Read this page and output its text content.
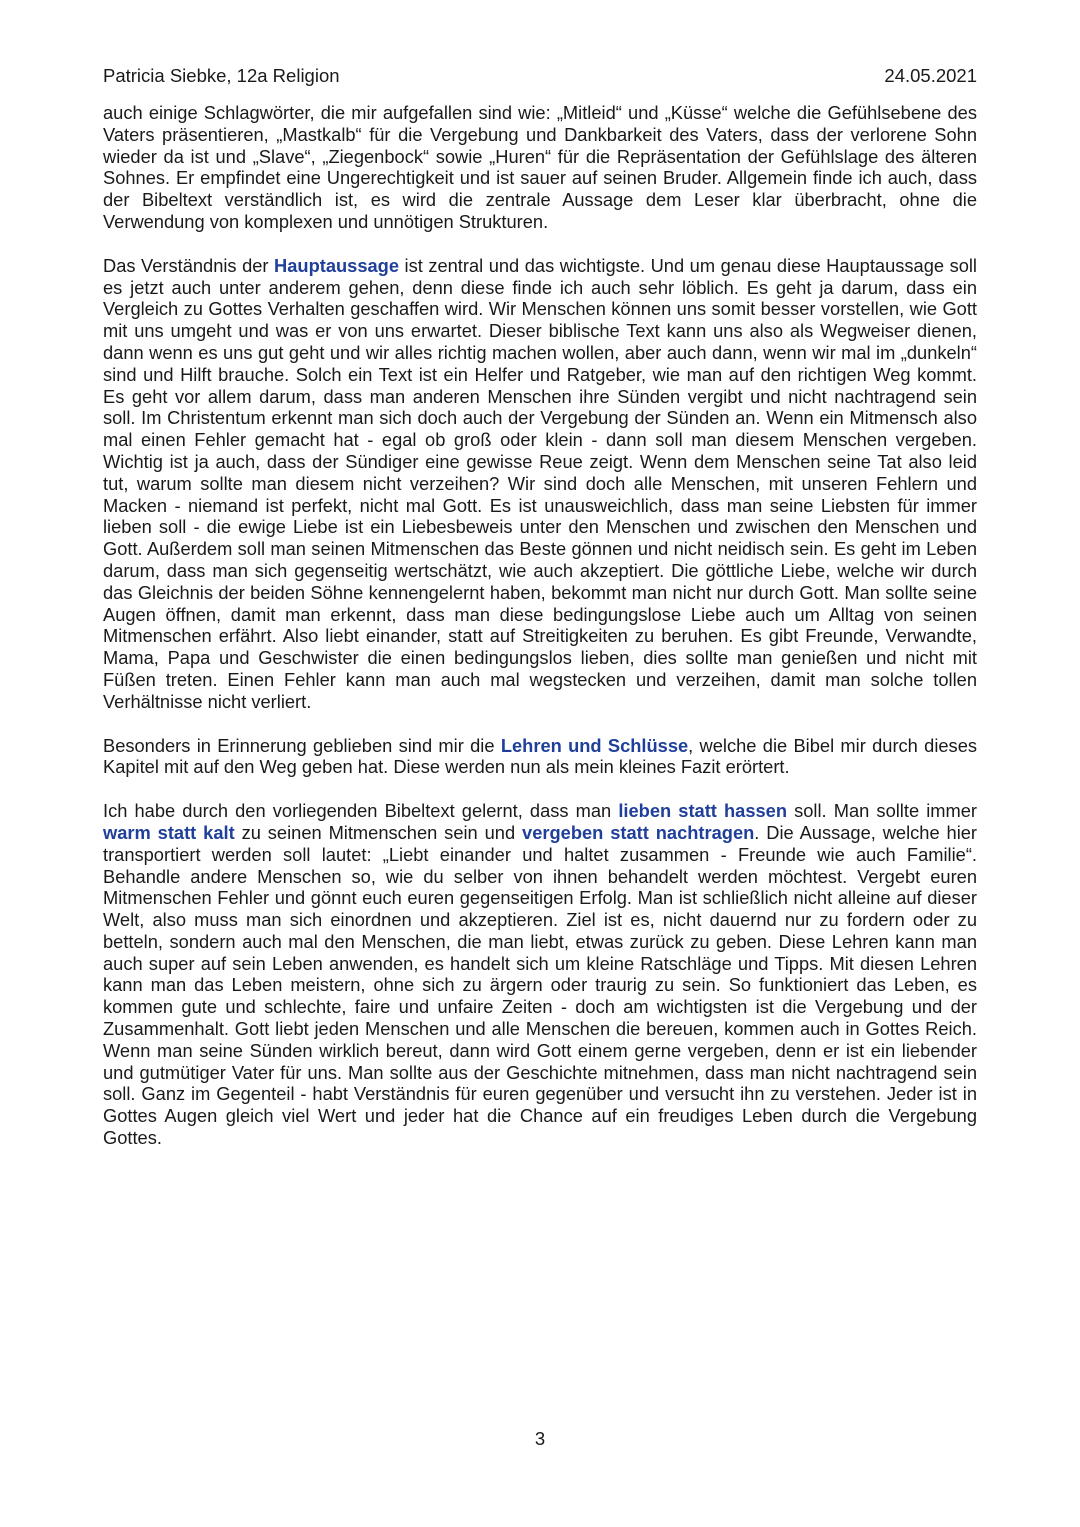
Patricia Siebke, 12a Religion	24.05.2021

auch einige Schlagwörter, die mir aufgefallen sind wie: „Mitleid“ und „Küsse“ welche die Gefühlsebene des Vaters präsentieren, „Mastkalb“ für die Vergebung und Dankbarkeit des Vaters, dass der verlorene Sohn wieder da ist und „Slave“, „Ziegenbock“ sowie „Huren“ für die Repräsentation der Gefühlslage des älteren Sohnes. Er empfindet eine Ungerechtigkeit und ist sauer auf seinen Bruder. Allgemein finde ich auch, dass der Bibeltext verständlich ist, es wird die zentrale Aussage dem Leser klar überbracht, ohne die Verwendung von komplexen und unnötigen Strukturen.

Das Verständnis der Hauptaussage ist zentral und das wichtigste. Und um genau diese Hauptaussage soll es jetzt auch unter anderem gehen, denn diese finde ich auch sehr löblich. Es geht ja darum, dass ein Vergleich zu Gottes Verhalten geschaffen wird. Wir Menschen können uns somit besser vorstellen, wie Gott mit uns umgeht und was er von uns erwartet. Dieser biblische Text kann uns also als Wegweiser dienen, dann wenn es uns gut geht und wir alles richtig machen wollen, aber auch dann, wenn wir mal im „dunkeln“ sind und Hilft brauche. Solch ein Text ist ein Helfer und Ratgeber, wie man auf den richtigen Weg kommt. Es geht vor allem darum, dass man anderen Menschen ihre Sünden vergibt und nicht nachtragend sein soll. Im Christentum erkennt man sich doch auch der Vergebung der Sünden an. Wenn ein Mitmensch also mal einen Fehler gemacht hat - egal ob groß oder klein - dann soll man diesem Menschen vergeben. Wichtig ist ja auch, dass der Sündiger eine gewisse Reue zeigt. Wenn dem Menschen seine Tat also leid tut, warum sollte man diesem nicht verzeihen? Wir sind doch alle Menschen, mit unseren Fehlern und Macken - niemand ist perfekt, nicht mal Gott. Es ist unausweichlich, dass man seine Liebsten für immer lieben soll - die ewige Liebe ist ein Liebesbeweis unter den Menschen und zwischen den Menschen und Gott. Außerdem soll man seinen Mitmenschen das Beste gönnen und nicht neidisch sein. Es geht im Leben darum, dass man sich gegenseitig wertschätzt, wie auch akzeptiert. Die göttliche Liebe, welche wir durch das Gleichnis der beiden Söhne kennengelernt haben, bekommt man nicht nur durch Gott. Man sollte seine Augen öffnen, damit man erkennt, dass man diese bedingungslose Liebe auch um Alltag von seinen Mitmenschen erfährt. Also liebt einander, statt auf Streitigkeiten zu beruhen. Es gibt Freunde, Verwandte, Mama, Papa und Geschwister die einen bedingungslos lieben, dies sollte man genießen und nicht mit Füßen treten. Einen Fehler kann man auch mal wegstecken und verzeihen, damit man solche tollen Verhältnisse nicht verliert.

Besonders in Erinnerung geblieben sind mir die Lehren und Schlüsse, welche die Bibel mir durch dieses Kapitel mit auf den Weg geben hat. Diese werden nun als mein kleines Fazit erörtert.

Ich habe durch den vorliegenden Bibeltext gelernt, dass man lieben statt hassen soll. Man sollte immer warm statt kalt zu seinen Mitmenschen sein und vergeben statt nachtragen. Die Aussage, welche hier transportiert werden soll lautet: „Liebt einander und haltet zusammen - Freunde wie auch Familie“. Behandle andere Menschen so, wie du selber von ihnen behandelt werden möchtest. Vergebt euren Mitmenschen Fehler und gönnt euch euren gegenseitigen Erfolg. Man ist schließlich nicht alleine auf dieser Welt, also muss man sich einordnen und akzeptieren. Ziel ist es, nicht dauernd nur zu fordern oder zu betteln, sondern auch mal den Menschen, die man liebt, etwas zurück zu geben. Diese Lehren kann man auch super auf sein Leben anwenden, es handelt sich um kleine Ratschläge und Tipps. Mit diesen Lehren kann man das Leben meistern, ohne sich zu ärgern oder traurig zu sein. So funktioniert das Leben, es kommen gute und schlechte, faire und unfaire Zeiten - doch am wichtigsten ist die Vergebung und der Zusammenhalt. Gott liebt jeden Menschen und alle Menschen die bereuen, kommen auch in Gottes Reich. Wenn man seine Sünden wirklich bereut, dann wird Gott einem gerne vergeben, denn er ist ein liebender und gutmütiger Vater für uns. Man sollte aus der Geschichte mitnehmen, dass man nicht nachtragend sein soll. Ganz im Gegenteil - habt Verständnis für euren gegenüber und versucht ihn zu verstehen. Jeder ist in Gottes Augen gleich viel Wert und jeder hat die Chance auf ein freudiges Leben durch die Vergebung Gottes.

3
